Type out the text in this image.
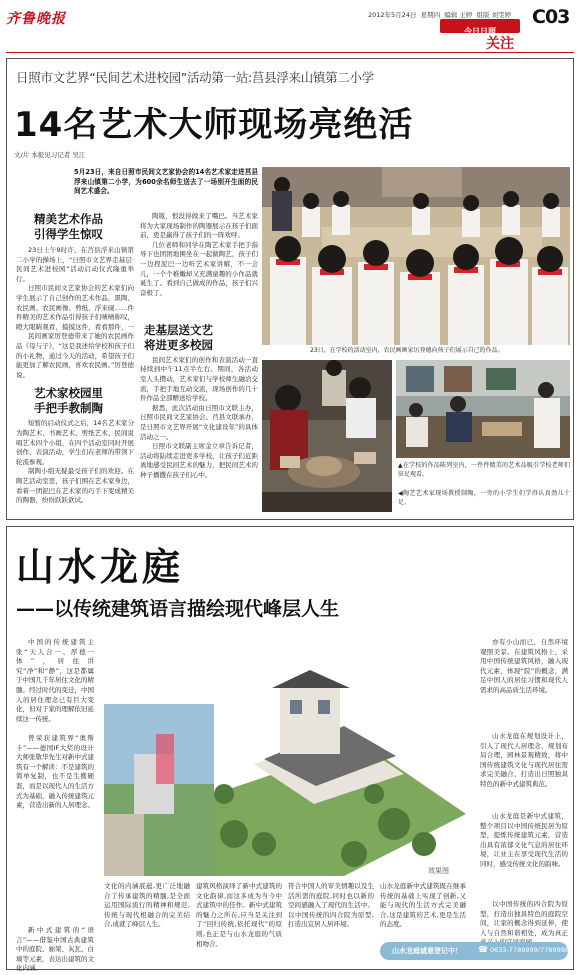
齐鲁晚报	2012年5月24日 星期四 编辑 王婷 组版 刘雯婷 C03
今日日照
关注
日照市文艺界“民间艺术进校园”活动第一站:莒县浮来山镇第二小学
14名艺术大师现场亮绝活
文/片 本报见习记者 吴江
5月23日，来自日照市民间文艺家协会的14名艺术家走进莒县浮来山镇第二小学，为600余名师生送去了一场别开生面的民间艺术盛会。
精美艺术作品
引得学生惊叹
23日上午9时许，在莒县浮来山镇第二小学的操场上，“日照市文艺界走基层·民间艺术进校园”活动启动仪式隆重举行。
日照市民间文艺家协会的艺术家们向学生展示了自己创作的艺术作品，黑陶、农民画、农民画像、剪纸、浮来砚……件件精美的艺术作品引得孩子们啧啧称叹，瞪大眼睛观看，摸摸这件，看看那件，一
民间画家厉登德带来了她的农民画作品《母与子》，“这是我述给学校和孩子们的小礼物，通过今天的活动，希望孩子们能更加了解农民画，喜欢农民画。”厉登德说。
艺术家校园里
手把手教制陶
短暂的启动仪式之后，14名艺术家分为陶艺术、书画艺术、剪纸艺术、民间说唱艺术四个小组，在四个活动室同时开展创作、表演活动，学生们在老师的带领下轮流参观。
制陶小组无疑最受孩子们的欢迎。在陶艺活动室里，孩子们围在艺术家身边，看着一团泥巴在艺术家的巧手下变成精美的陶器，纷纷跃跃欲试。
陶瓶，恨没得做来了嘴巴。当艺术家将为大家现场制作的陶器展示在孩子们面前，更是赢得了孩子们的一阵欢呼。
几位老师和同学在陶艺术家手把手指导下也团团地围坐在一起做陶艺，孩子们一边捏泥巴一边听艺术家讲解，不一会儿，一个个稚嫩却又充满童趣的小作品就诞生了。看到自己做成的作品，孩子们兴奋极了。
走基层送文艺
将进更多校园
民间艺术家们的创作和表演活动一直持续到中午11点半左右。期间，各活动室人头攒动，艺术家们与学校师生融洽交流，手把手地互动交流，现场创作的几十件作品全部赠送给学校。
据悉，此次活动由日照市文联主办，日照市民间文艺家协会、莒县文联承办，是日照市文艺界开展“文化建设年”的具体活动之一。
日照市文联副主席金立章告诉记者，活动将陆续走进更多学校，让孩子们近距离地感受民间艺术的魅力，把民间艺术的种子播撒在孩子们心中。
23日，在学校的活动室内，农民画画家厉登德向孩子们展示自己的作品。
▲在学校的作品陈列室内，一件件精美的艺术品吸引学校老师们驻足观看。
◀陶艺艺术家现场教授制陶，一旁的小学生们学得认真劲儿十足。
山水龙庭
——以传统建筑语言描绘现代峰层人生
中国的传统建筑主张“天人合一、厚德一体”，居住讲究“净”和“静”，这是都属于中国几千年居住文化的精髓。经过时代的变迁，中国人的居住理念已有巨大变化，但对于家的理解依旧延续这一传统。
曾荣获建筑界“奥斯卡”——德国IF大奖的设计大师张敬华先生对新中式建筑有一个解读：不是建筑的简单复制，也不是生搬硬套，而是以现代人的生活方式为基础，融入传统建筑元素，营造出新的人居理念。
新中式建筑的“语言”——借鉴中国古典建筑中的庭院、廊架、灰瓦、白墙等元素，表达出建筑的文化内涵。
效果图
文化的内涵底蕴,更广泛地融合了传承建筑的精髓,是全面运用国际流行的精神和规范,传统与现代相融合的完美结合,成就了峰层人生。
建筑风格演绎了新中式建筑的文化韵律,而这多成为当今中式建筑中的佳作。新中式建筑的魅力之所在,应当是关注到了“回归传统,依托现代”的原则,也正是与山水龙庭的气质相吻合。
符合中国人的审美情趣以及生活所需的庭院,同时也以新的空间感融入了现代的生活中。以中国传统的四合院为原型,打造出宜居人居环境。
山水龙庭新中式建筑既在继承传统的基础上实现了创新,又能与现代的生活方式完美融合,这是建筑的艺术,更是生活的态度。
亦有小山而已，自然环境观照美景。在建筑风格上，采用中国传统建筑风格，融入现代元素，体现“院”的概念，满足中国人的居住习惯和现代人需求的高品质生活环境。
山水龙庭在规划设计上，引入了现代人居理念，规划布局合理，园林景观精致，将中国传统建筑文化与现代居住需求完美融合，打造出日照独具特色的新中式建筑典范。
山水龙庭是新中式建筑，整个项目以中国传统民居为原型，提炼传统建筑元素，营造出具有浓郁文化气息的居住环境，让业主在享受现代生活的同时，感受传统文化的韵味。
以中国传统的四合院为原型，打造出独具特色的庭院空间，让家的概念得到延伸，使人与自然和谐相处，成为真正
山水龙庭诚意登记中！ ☎ 0633-7789999/7789998
